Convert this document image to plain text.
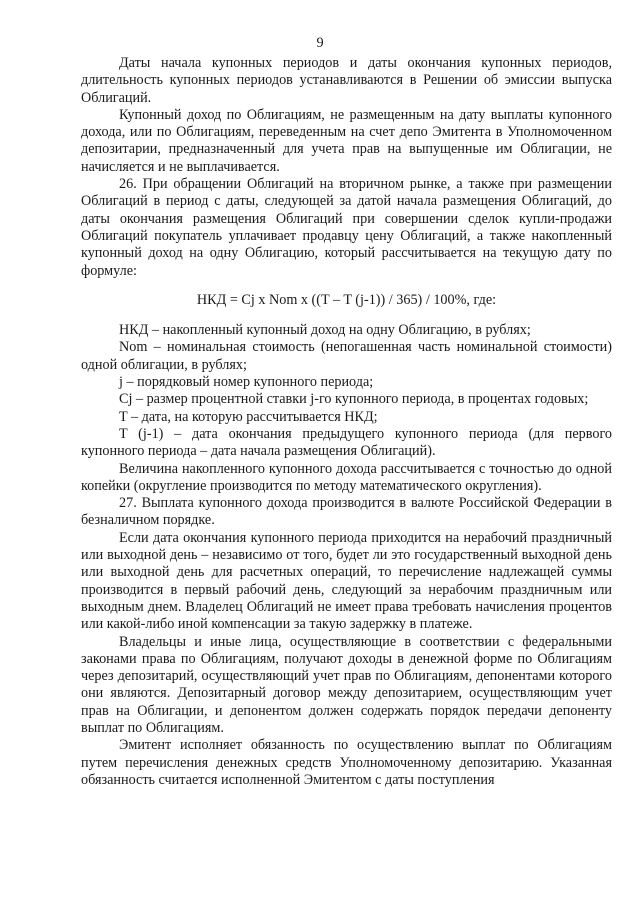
9

Даты начала купонных периодов и даты окончания купонных периодов, длительность купонных периодов устанавливаются в Решении об эмиссии выпуска Облигаций.

Купонный доход по Облигациям, не размещенным на дату выплаты купонного дохода, или по Облигациям, переведенным на счет депо Эмитента в Уполномоченном депозитарии, предназначенный для учета прав на выпущенные им Облигации, не начисляется и не выплачивается.

26. При обращении Облигаций на вторичном рынке, а также при размещении Облигаций в период с даты, следующей за датой начала размещения Облигаций, до даты окончания размещения Облигаций при совершении сделок купли-продажи Облигаций покупатель уплачивает продавцу цену Облигаций, а также накопленный купонный доход на одну Облигацию, который рассчитывается на текущую дату по формуле:

НКД = Cj x Nom x ((T – T (j-1)) / 365) / 100%, где:

НКД – накопленный купонный доход на одну Облигацию, в рублях;

Nom – номинальная стоимость (непогашенная часть номинальной стоимости) одной облигации, в рублях;

j – порядковый номер купонного периода;

Cj – размер процентной ставки j-го купонного периода, в процентах годовых;

T – дата, на которую рассчитывается НКД;

T (j-1) – дата окончания предыдущего купонного периода (для первого купонного периода – дата начала размещения Облигаций).

Величина накопленного купонного дохода рассчитывается с точностью до одной копейки (округление производится по методу математического округления).

27. Выплата купонного дохода производится в валюте Российской Федерации в безналичном порядке.

Если дата окончания купонного периода приходится на нерабочий праздничный или выходной день – независимо от того, будет ли это государственный выходной день или выходной день для расчетных операций, то перечисление надлежащей суммы производится в первый рабочий день, следующий за нерабочим праздничным или выходным днем. Владелец Облигаций не имеет права требовать начисления процентов или какой-либо иной компенсации за такую задержку в платеже.

Владельцы и иные лица, осуществляющие в соответствии с федеральными законами права по Облигациям, получают доходы в денежной форме по Облигациям через депозитарий, осуществляющий учет прав по Облигациям, депонентами которого они являются. Депозитарный договор между депозитарием, осуществляющим учет прав на Облигации, и депонентом должен содержать порядок передачи депоненту выплат по Облигациям.

Эмитент исполняет обязанность по осуществлению выплат по Облигациям путем перечисления денежных средств Уполномоченному депозитарию. Указанная обязанность считается исполненной Эмитентом с даты поступления
